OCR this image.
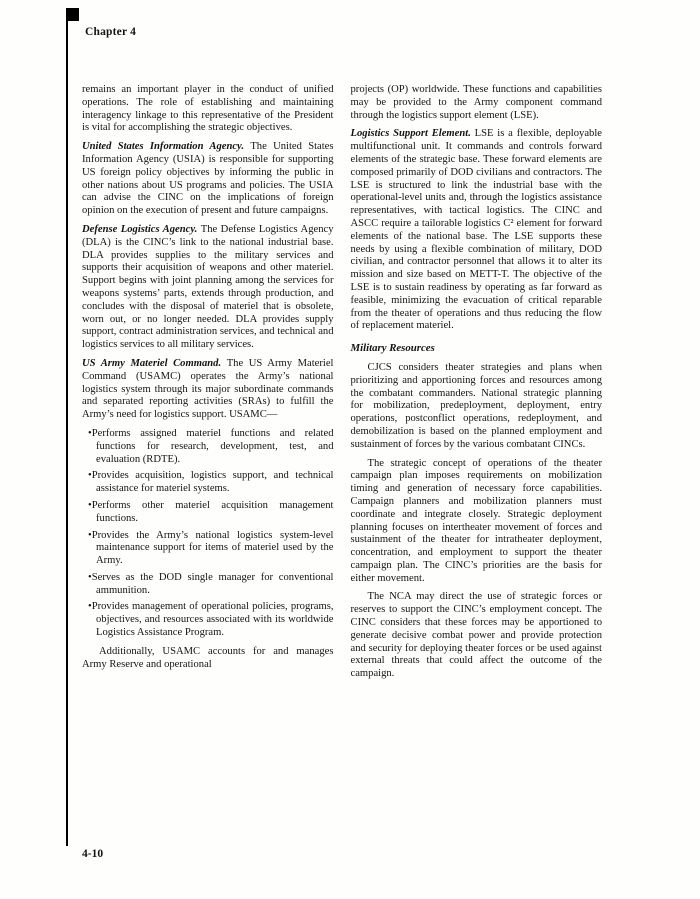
Chapter 4

remains an important player in the conduct of unified operations. The role of establishing and maintaining interagency linkage to this representative of the President is vital for accomplishing the strategic objectives.

United States Information Agency. The United States Information Agency (USIA) is responsible for supporting US foreign policy objectives by informing the public in other nations about US programs and policies. The USIA can advise the CINC on the implications of foreign opinion on the execution of present and future campaigns.

Defense Logistics Agency. The Defense Logistics Agency (DLA) is the CINC’s link to the national industrial base. DLA provides supplies to the military services and supports their acquisition of weapons and other materiel. Support begins with joint planning among the services for weapons systems’ parts, extends through production, and concludes with the disposal of materiel that is obsolete, worn out, or no longer needed. DLA provides supply support, contract administration services, and technical and logistics services to all military services.

US Army Materiel Command. The US Army Materiel Command (USAMC) operates the Army’s national logistics system through its major subordinate commands and separated reporting activities (SRAs) to fulfill the Army’s need for logistics support. USAMC—

• Performs assigned materiel functions and related functions for research, development, test, and evaluation (RDTE).
• Provides acquisition, logistics support, and technical assistance for materiel systems.
• Performs other materiel acquisition management functions.
• Provides the Army’s national logistics system-level maintenance support for items of materiel used by the Army.
• Serves as the DOD single manager for conventional ammunition.
• Provides management of operational policies, programs, objectives, and resources associated with its worldwide Logistics Assistance Program.

Additionally, USAMC accounts for and manages Army Reserve and operational

projects (OP) worldwide. These functions and capabilities may be provided to the Army component command through the logistics support element (LSE).

Logistics Support Element. LSE is a flexible, deployable multifunctional unit. It commands and controls forward elements of the strategic base. These forward elements are composed primarily of DOD civilians and contractors. The LSE is structured to link the industrial base with the operational-level units and, through the logistics assistance representatives, with tactical logistics. The CINC and ASCC require a tailorable logistics C² element for forward elements of the national base. The LSE supports these needs by using a flexible combination of military, DOD civilian, and contractor personnel that allows it to alter its mission and size based on METT-T. The objective of the LSE is to sustain readiness by operating as far forward as feasible, minimizing the evacuation of critical reparable from the theater of operations and thus reducing the flow of replacement materiel.

Military Resources

CJCS considers theater strategies and plans when prioritizing and apportioning forces and resources among the combatant commanders. National strategic planning for mobilization, predeployment, deployment, entry operations, postconflict operations, redeployment, and demobilization is based on the planned employment and sustainment of forces by the various combatant CINCs.

The strategic concept of operations of the theater campaign plan imposes requirements on mobilization timing and generation of necessary force capabilities. Campaign planners and mobilization planners must coordinate and integrate closely. Strategic deployment planning focuses on intertheater movement of forces and sustainment of the theater for intratheater deployment, concentration, and employment to support the theater campaign plan. The CINC’s priorities are the basis for either movement.

The NCA may direct the use of strategic forces or reserves to support the CINC’s employment concept. The CINC considers that these forces may be apportioned to generate decisive combat power and provide protection and security for deploying theater forces or be used against external threats that could affect the outcome of the campaign.

4-10
